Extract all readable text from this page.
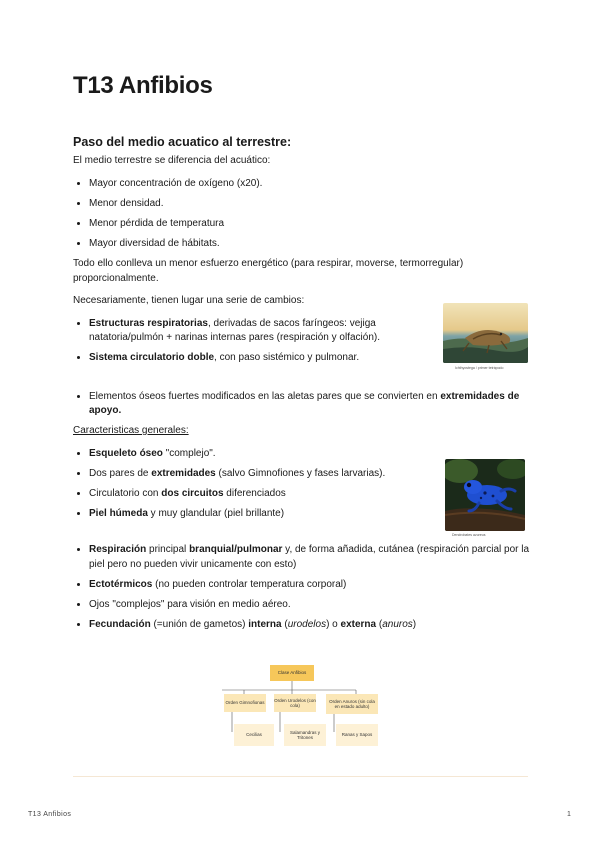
T13 Anfibios
Paso del medio acuatico al terrestre:

El medio terrestre se diferencia del acuático:

• Mayor concentración de oxígeno (x20).
• Menor densidad.
• Menor pérdida de temperatura
• Mayor diversidad de hábitats.

Todo ello conlleva un menor esfuerzo energético (para respirar, moverse, termorregular) proporcionalmente.

Necesariamente, tienen lugar una serie de cambios:

• Estructuras respiratorias, derivadas de sacos faríngeos: vejiga natatoria/pulmón + narinas internas pares (respiración y olfación).
• Sistema circulatorio doble, con paso sistémico y pulmonar.
• Elementos óseos fuertes modificados en las aletas pares que se convierten en extremidades de apoyo.

Caracteristicas generales:

• Esqueleto óseo "complejo".
• Dos pares de extremidades (salvo Gimnofiones y fases larvarias).
• Circulatorio con dos circuitos diferenciados
• Piel húmeda y muy glandular (piel brillante)
• Respiración principal branquial/pulmonar y, de forma añadida, cutánea (respiración parcial por la piel pero no pueden vivir unicamente con esto)
• Ectotérmicos (no pueden controlar temperatura corporal)
• Ojos "complejos" para visión en medio aéreo.
• Fecundación (=unión de gametos) interna (urodelos) o externa (anuros)
Ichthyostega / primer tetrápodo
Dendrobates azureus
Clase Anfibios
Orden Gimnofionas
Orden Urodelos (con cola)
Orden Anuros (sin cola en estado adulto)
Cecilias
Salamandras y Tritones
Ranas y Sapos
T13 Anfibios	1
